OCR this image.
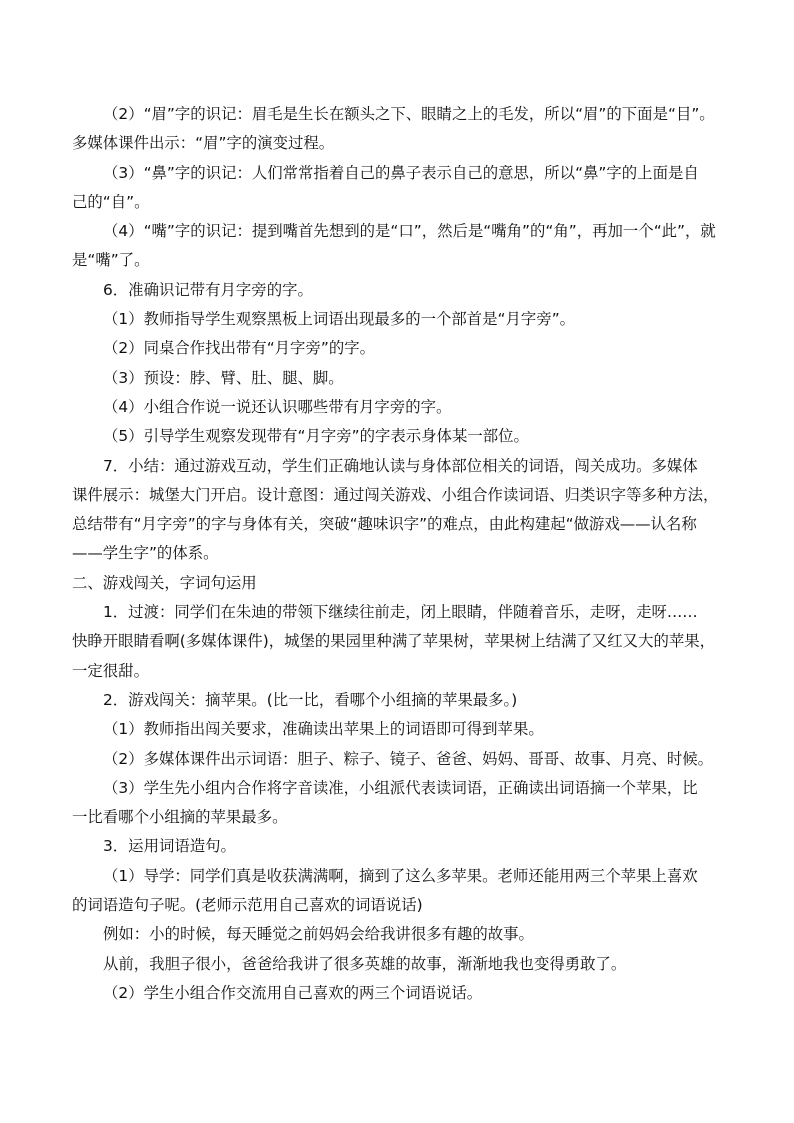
（2）“眉”字的识记：眉毛是生长在额头之下、眼睛之上的毛发，所以“眉”的下面是“目”。

多媒体课件出示：“眉”字的演变过程。

（3）“鼻”字的识记：人们常常指着自己的鼻子表示自己的意思，所以“鼻”字的上面是自

己的“自”。

（4）“嘴”字的识记：提到嘴首先想到的是“口”，然后是“嘴角”的“角”，再加一个“此”，就

是“嘴”了。

6．准确识记带有月字旁的字。

（1）教师指导学生观察黑板上词语出现最多的一个部首是“月字旁”。

（2）同桌合作找出带有“月字旁”的字。

（3）预设：脖、臂、肚、腿、脚。

（4）小组合作说一说还认识哪些带有月字旁的字。

（5）引导学生观察发现带有“月字旁”的字表示身体某一部位。

7．小结：通过游戏互动，学生们正确地认读与身体部位相关的词语，闯关成功。多媒体

课件展示：城堡大门开启。设计意图：通过闯关游戏、小组合作读词语、归类识字等多种方法，

总结带有“月字旁”的字与身体有关，突破“趣味识字”的难点，由此构建起“做游戏——认名称

——学生字”的体系。

二、游戏闯关，字词句运用

1．过渡：同学们在朱迪的带领下继续往前走，闭上眼睛，伴随着音乐，走呀，走呀……

快睁开眼睛看啊(多媒体课件)，城堡的果园里种满了苹果树，苹果树上结满了又红又大的苹果，

一定很甜。

2．游戏闯关：摘苹果。(比一比，看哪个小组摘的苹果最多。)

（1）教师指出闯关要求，准确读出苹果上的词语即可得到苹果。

（2）多媒体课件出示词语：胆子、粽子、镜子、爸爸、妈妈、哥哥、故事、月亮、时候。

（3）学生先小组内合作将字音读准，小组派代表读词语，正确读出词语摘一个苹果，比

一比看哪个小组摘的苹果最多。

3．运用词语造句。

（1）导学：同学们真是收获满满啊，摘到了这么多苹果。老师还能用两三个苹果上喜欢

的词语造句子呢。(老师示范用自己喜欢的词语说话)

例如：小的时候，每天睡觉之前妈妈会给我讲很多有趣的故事。

从前，我胆子很小，爸爸给我讲了很多英雄的故事，渐渐地我也变得勇敢了。

（2）学生小组合作交流用自己喜欢的两三个词语说话。
